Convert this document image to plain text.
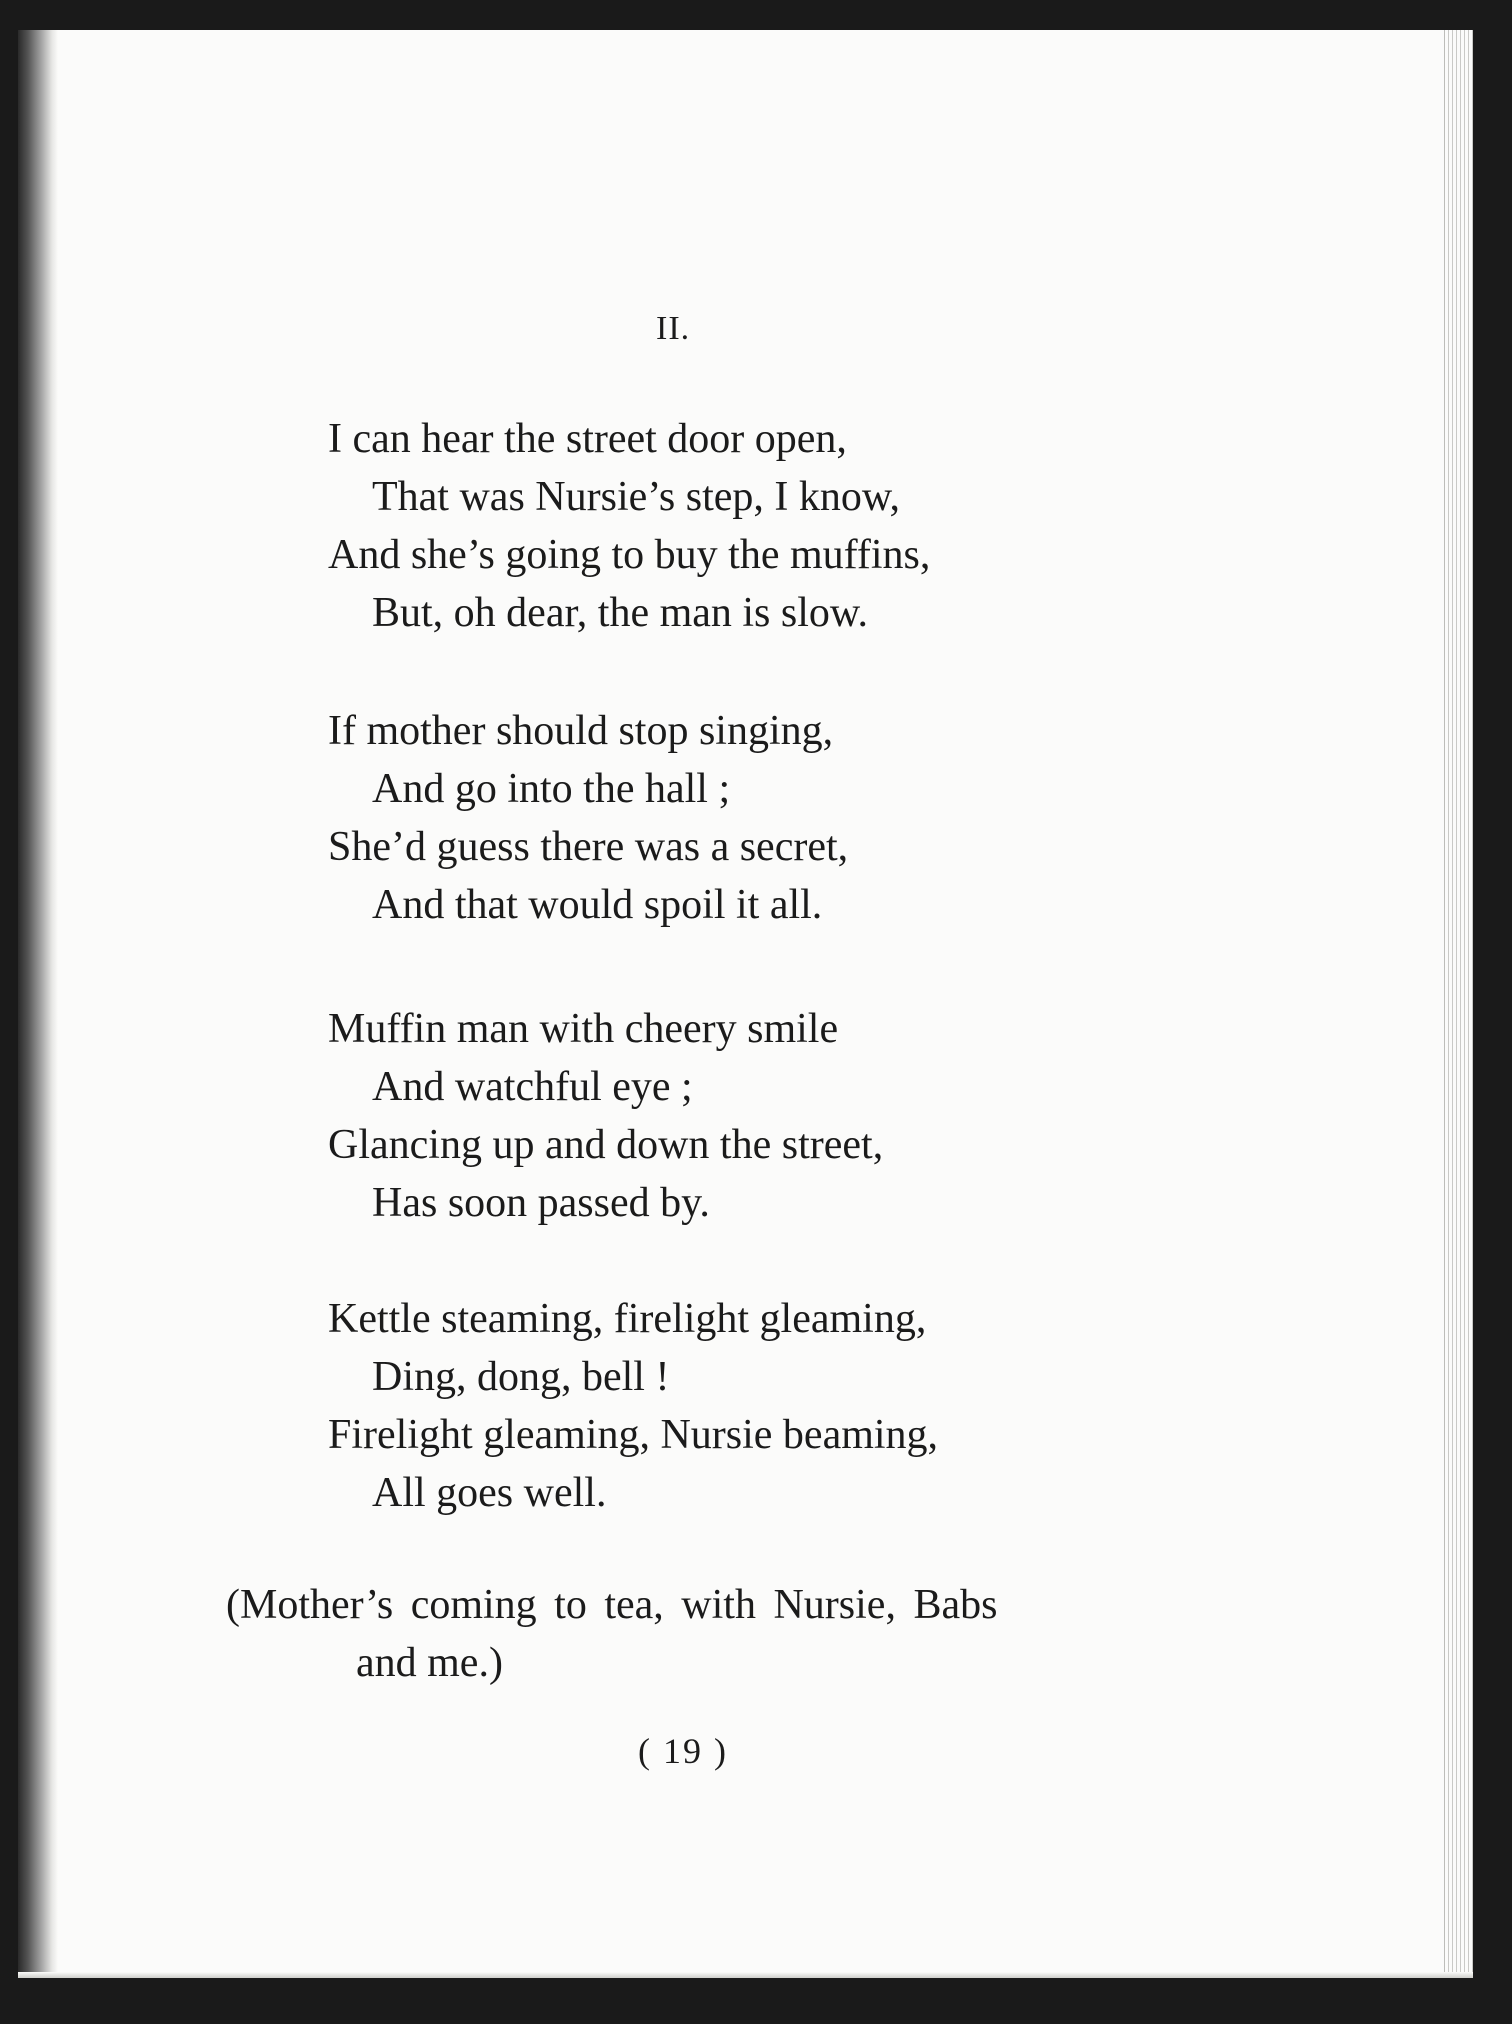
II.
I can hear the street door open,
That was Nursie’s step, I know,
And she’s going to buy the muffins,
But, oh dear, the man is slow.
If mother should stop singing,
And go into the hall ;
She’d guess there was a secret,
And that would spoil it all.
Muffin man with cheery smile
And watchful eye ;
Glancing up and down the street,
Has soon passed by.
Kettle steaming, firelight gleaming,
Ding, dong, bell !
Firelight gleaming, Nursie beaming,
All goes well.
(Mother’s coming to tea, with Nursie, Babs
and me.)
( 19 )
